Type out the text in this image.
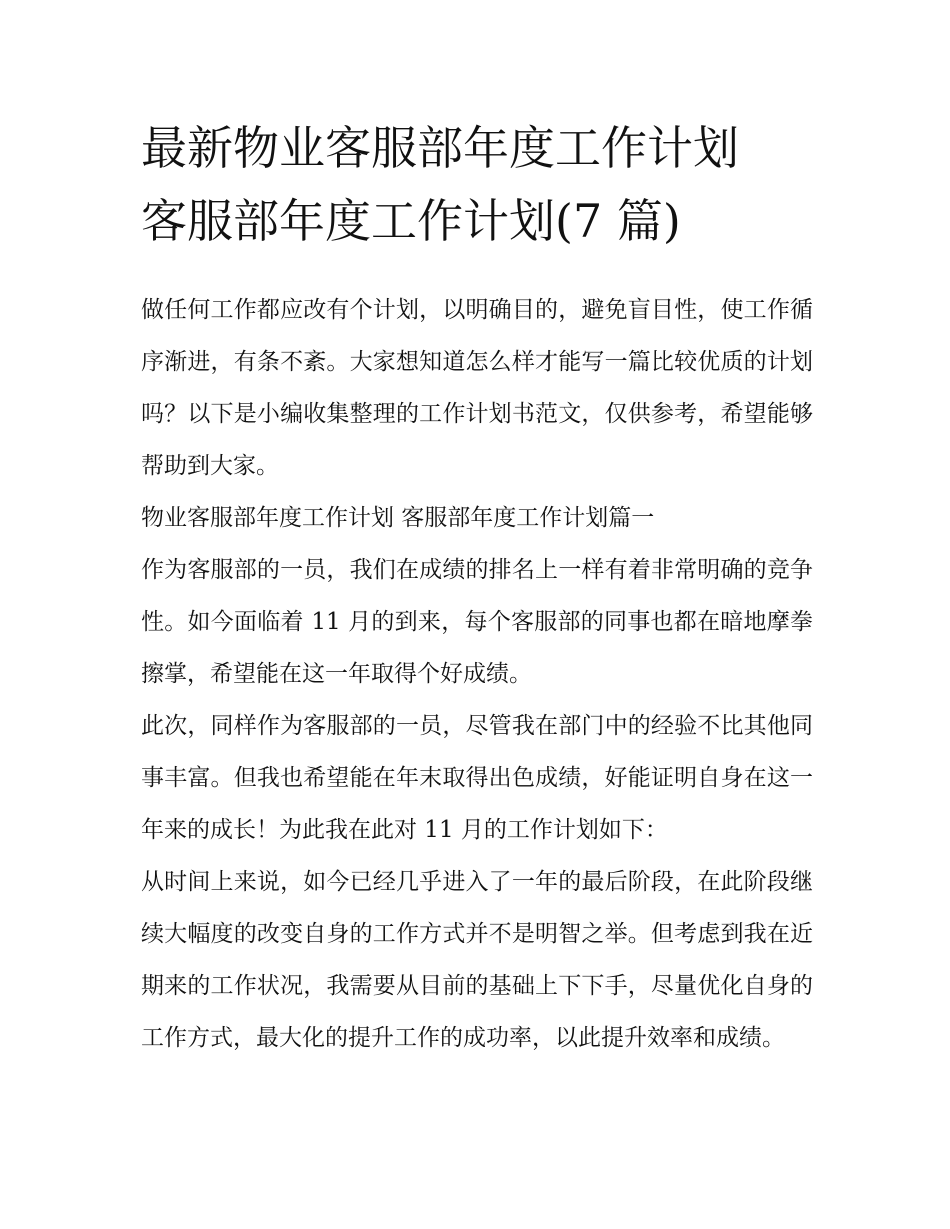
最新物业客服部年度工作计划
客服部年度工作计划(7 篇)

做任何工作都应改有个计划，以明确目的，避免盲目性，使工作循序渐进，有条不紊。大家想知道怎么样才能写一篇比较优质的计划吗？以下是小编收集整理的工作计划书范文，仅供参考，希望能够帮助到大家。

物业客服部年度工作计划 客服部年度工作计划篇一

作为客服部的一员，我们在成绩的排名上一样有着非常明确的竞争性。如今面临着 11 月的到来，每个客服部的同事也都在暗地摩拳擦掌，希望能在这一年取得个好成绩。

此次，同样作为客服部的一员，尽管我在部门中的经验不比其他同事丰富。但我也希望能在年末取得出色成绩，好能证明自身在这一年来的成长！为此我在此对 11 月的工作计划如下：

从时间上来说，如今已经几乎进入了一年的最后阶段，在此阶段继续大幅度的改变自身的工作方式并不是明智之举。但考虑到我在近期来的工作状况，我需要从目前的基础上下下手，尽量优化自身的工作方式，最大化的提升工作的成功率，以此提升效率和成绩。
